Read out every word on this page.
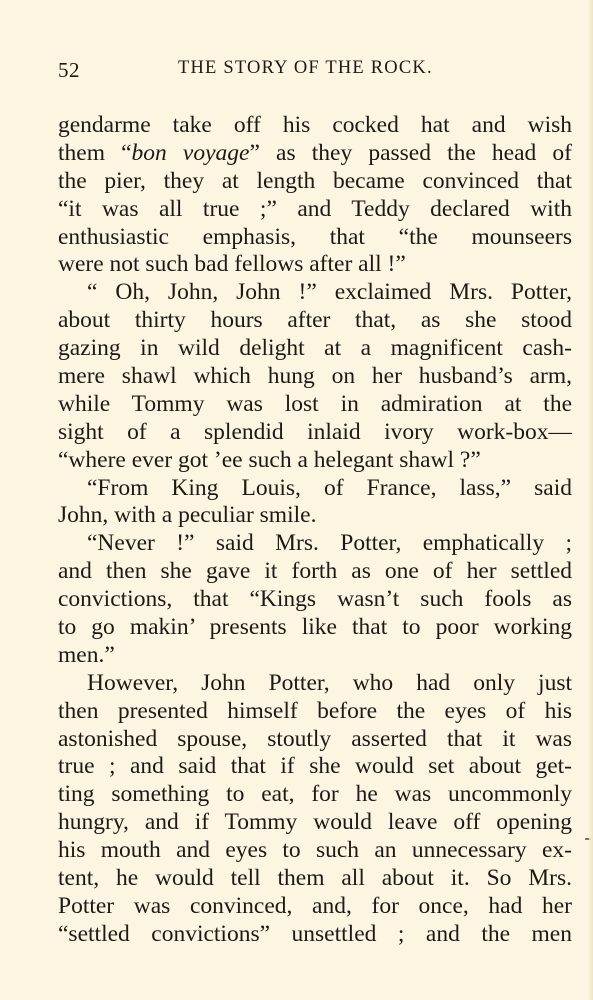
52	THE STORY OF THE ROCK.
gendarme take off his cocked hat and wish
them “bon voyage” as they passed the head of
the pier, they at length became convinced that
“it was all true ;” and Teddy declared with
enthusiastic emphasis, that “the mounseers
were not such bad fellows after all !”
“ Oh, John, John !” exclaimed Mrs. Potter,
about thirty hours after that, as she stood
gazing in wild delight at a magnificent cash-
mere shawl which hung on her husband’s arm,
while Tommy was lost in admiration at the
sight of a splendid inlaid ivory work-box—
“where ever got ’ee such a helegant shawl ?”
“From King Louis, of France, lass,” said
John, with a peculiar smile.
“Never !” said Mrs. Potter, emphatically ;
and then she gave it forth as one of her settled
convictions, that “Kings wasn’t such fools as
to go makin’ presents like that to poor working
men.”
However, John Potter, who had only just
then presented himself before the eyes of his
astonished spouse, stoutly asserted that it was
true ; and said that if she would set about get-
ting something to eat, for he was uncommonly
hungry, and if Tommy would leave off opening
his mouth and eyes to such an unnecessary ex-
tent, he would tell them all about it. So Mrs.
Potter was convinced, and, for once, had her
“settled convictions” unsettled ; and the men
